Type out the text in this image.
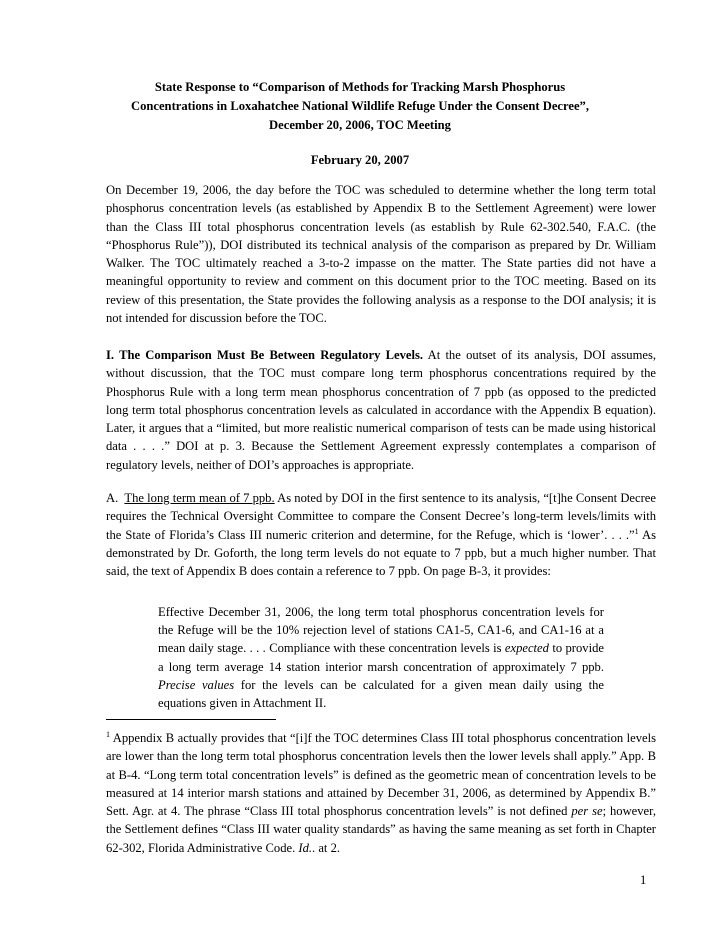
State Response to “Comparison of Methods for Tracking Marsh Phosphorus
Concentrations in Loxahatchee National Wildlife Refuge Under the Consent Decree”,
December 20, 2006, TOC Meeting
February 20, 2007
On December 19, 2006, the day before the TOC was scheduled to determine whether the long term total phosphorus concentration levels (as established by Appendix B to the Settlement Agreement) were lower than the Class III total phosphorus concentration levels (as establish by Rule 62-302.540, F.A.C. (the “Phosphorus Rule”)), DOI distributed its technical analysis of the comparison as prepared by Dr. William Walker. The TOC ultimately reached a 3-to-2 impasse on the matter. The State parties did not have a meaningful opportunity to review and comment on this document prior to the TOC meeting. Based on its review of this presentation, the State provides the following analysis as a response to the DOI analysis; it is not intended for discussion before the TOC.
I. The Comparison Must Be Between Regulatory Levels. At the outset of its analysis, DOI assumes, without discussion, that the TOC must compare long term phosphorus concentrations required by the Phosphorus Rule with a long term mean phosphorus concentration of 7 ppb (as opposed to the predicted long term total phosphorus concentration levels as calculated in accordance with the Appendix B equation). Later, it argues that a “limited, but more realistic numerical comparison of tests can be made using historical data . . . .” DOI at p. 3. Because the Settlement Agreement expressly contemplates a comparison of regulatory levels, neither of DOI’s approaches is appropriate.
A. The long term mean of 7 ppb. As noted by DOI in the first sentence to its analysis, “[t]he Consent Decree requires the Technical Oversight Committee to compare the Consent Decree’s long-term levels/limits with the State of Florida’s Class III numeric criterion and determine, for the Refuge, which is ‘lower’. . . .”$^1$ As demonstrated by Dr. Goforth, the long term levels do not equate to 7 ppb, but a much higher number. That said, the text of Appendix B does contain a reference to 7 ppb. On page B-3, it provides:
Effective December 31, 2006, the long term total phosphorus concentration levels for the Refuge will be the 10% rejection level of stations CA1-5, CA1-6, and CA1-16 at a mean daily stage. . . . Compliance with these concentration levels is expected to provide a long term average 14 station interior marsh concentration of approximately 7 ppb. Precise values for the levels can be calculated for a given mean daily using the equations given in Attachment II.
$^1$ Appendix B actually provides that “[i]f the TOC determines Class III total phosphorus concentration levels are lower than the long term total phosphorus concentration levels then the lower levels shall apply.” App. B at B-4. “Long term total concentration levels” is defined as the geometric mean of concentration levels to be measured at 14 interior marsh stations and attained by December 31, 2006, as determined by Appendix B.” Sett. Agr. at 4. The phrase “Class III total phosphorus concentration levels” is not defined per se; however, the Settlement defines “Class III water quality standards” as having the same meaning as set forth in Chapter 62-302, Florida Administrative Code. Id.. at 2.
1
